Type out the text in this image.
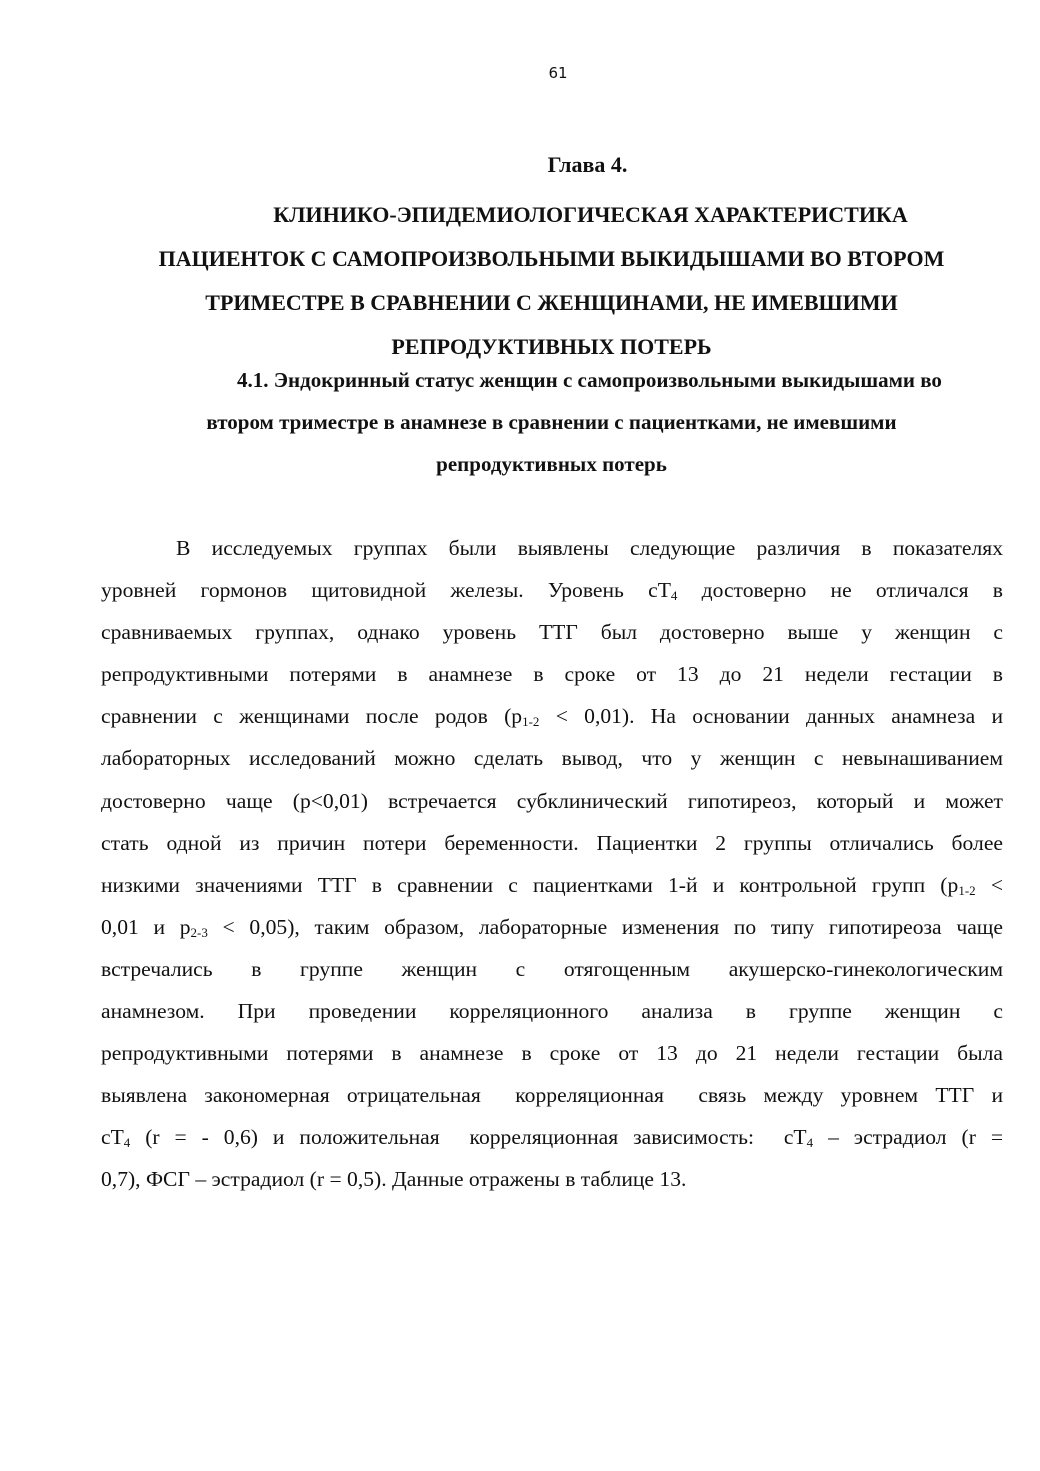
61
Глава 4.
КЛИНИКО-ЭПИДЕМИОЛОГИЧЕСКАЯ ХАРАКТЕРИСТИКА
ПАЦИЕНТОК С САМОПРОИЗВОЛЬНЫМИ ВЫКИДЫШАМИ ВО ВТОРОМ
ТРИМЕСТРЕ В СРАВНЕНИИ С ЖЕНЩИНАМИ, НЕ ИМЕВШИМИ
РЕПРОДУКТИВНЫХ ПОТЕРЬ
4.1. Эндокринный статус женщин с самопроизвольными выкидышами во
втором триместре в анамнезе в сравнении с пациентками, не имевшими
репродуктивных потерь
В исследуемых группах были выявлены следующие различия в показателях
уровней гормонов щитовидной железы. Уровень $сТ_4$ достоверно не отличался в
сравниваемых группах, однако уровень ТТГ был достоверно выше у женщин с
репродуктивными потерями в анамнезе в сроке от 13 до 21 недели гестации в
сравнении с женщинами после родов $(p_{1-2} < 0,01)$. На основании данных анамнеза и
лабораторных исследований можно сделать вывод, что у женщин с невынашиванием
достоверно чаще (p<0,01) встречается субклинический гипотиреоз, который и может
стать одной из причин потери беременности. Пациентки 2 группы отличались более
низкими значениями ТТГ в сравнении с пациентками 1-й и контрольной групп ($p_{1-2}$ <
0,01 и $p_{2-3} < 0,05$), таким образом, лабораторные изменения по типу гипотиреоза чаще
встречались в группе женщин с отягощенным акушерско-гинекологическим
анамнезом. При проведении корреляционного анализа в группе женщин с
репродуктивными потерями в анамнезе в сроке от 13 до 21 недели гестации была
выявлена закономерная отрицательная  корреляционная  связь между уровнем ТТГ и
$сТ_4$ (r = - 0,6) и положительная  корреляционная зависимость:  $сТ_4$ – эстрадиол (r =
0,7), ФСГ – эстрадиол (r = 0,5). Данные отражены в таблице 13.
